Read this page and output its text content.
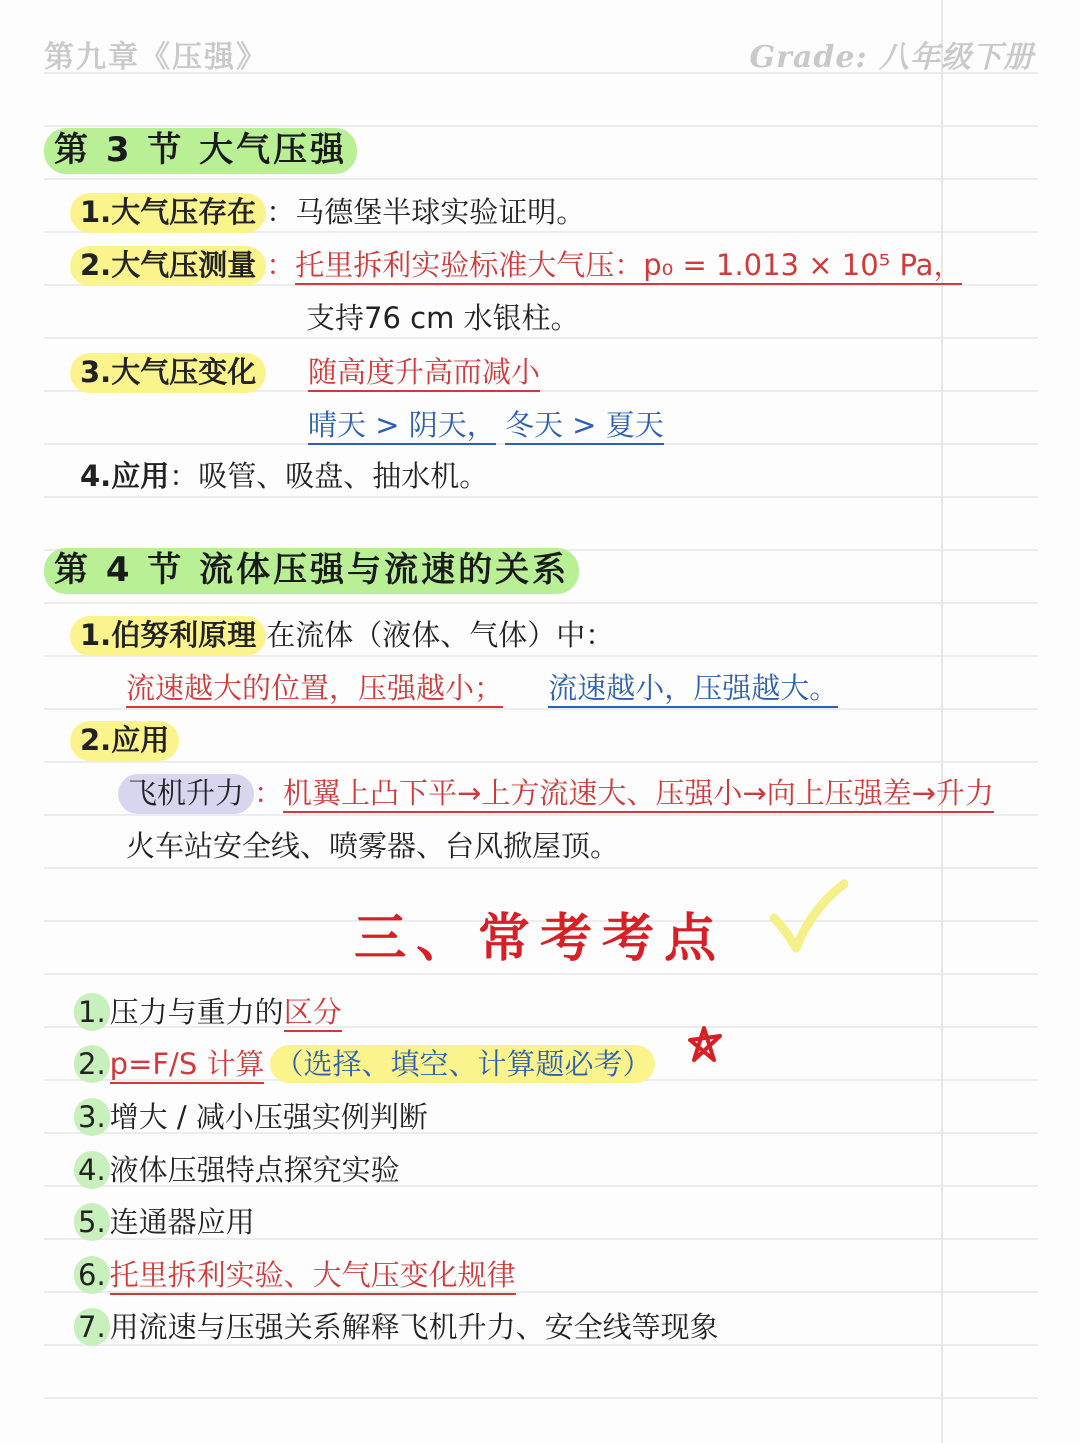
第九章《压强》	Grade: 八年级下册
第 3 节 大气压强
1.大气压存在 ：马德堡半球实验证明。
2.大气压测量 ：托里拆利实验标准大气压：p₀ = 1.013 × 10⁵ Pa，
支持76 cm 水银柱。
3.大气压变化	随高度升高而减小
晴天 > 阴天， 冬天 > 夏天
4.应用：吸管、吸盘、抽水机。
第 4 节 流体压强与流速的关系
1.伯努利原理 在流体（液体、气体）中：
流速越大的位置，压强越小； 流速越小，压强越大。
2.应用
飞机升力 ：机翼上凸下平→上方流速大、压强小→向上压强差→升力
火车站安全线、喷雾器、台风掀屋顶。
三、常考考点
1. 压力与重力的区分
2. p=F/S 计算 （选择、填空、计算题必考）
3. 增大 / 减小压强实例判断
4. 液体压强特点探究实验
5. 连通器应用
6. 托里拆利实验、大气压变化规律
7. 用流速与压强关系解释飞机升力、安全线等现象
